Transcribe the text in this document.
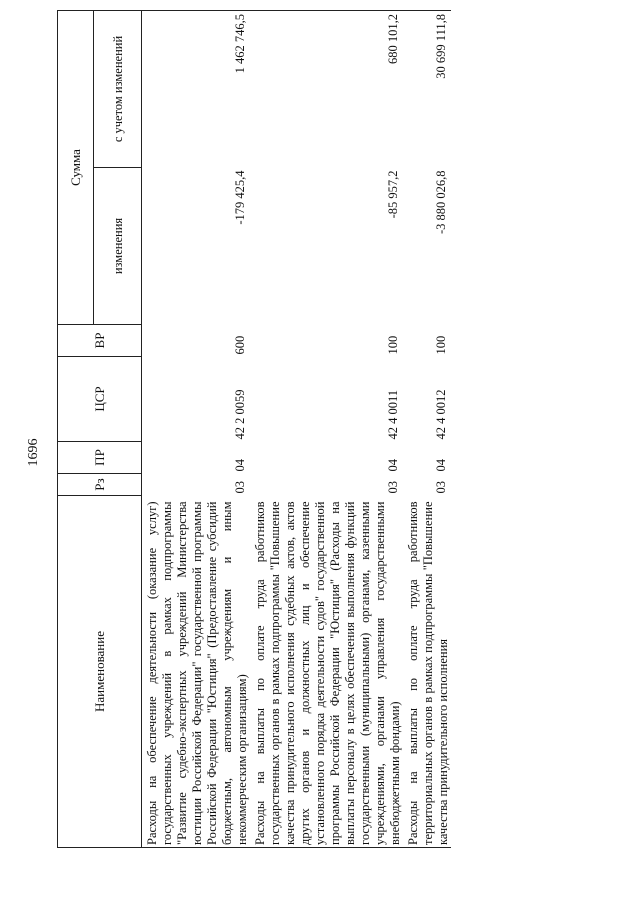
1696
Наименование	Рз	ПР	ЦСР	ВР	Сумма	
					изменения	с учетом изменений
Расходы на обеспечение деятельности (оказание услуг) государственных учреждений в рамках подпрограммы "Развитие судебно-экспертных учреждений Министерства юстиции Российской Федерации" государственной программы Российской Федерации "Юстиция" (Предоставление субсидий бюджетным, автономным учреждениям и иным некоммерческим организациям)	03	04	42 2 0059	600	-179 425,4	1 462 746,5
Расходы на выплаты по оплате труда работников государственных органов в рамках подпрограммы "Повышение качества принудительного исполнения судебных актов, актов других органов и должностных лиц и обеспечение установленного порядка деятельности судов" государственной программы Российской Федерации "Юстиция" (Расходы на выплаты персоналу в целях обеспечения выполнения функций государственными (муниципальными) органами, казенными учреждениями, органами управления государственными внебюджетными фондами)	03	04	42 4 0011	100	-85 957,2	680 101,2
Расходы на выплаты по оплате труда работников территориальных органов в рамках подпрограммы "Повышение качества принудительного исполнения	03	04	42 4 0012	100	-3 880 026,8	30 699 111,8
